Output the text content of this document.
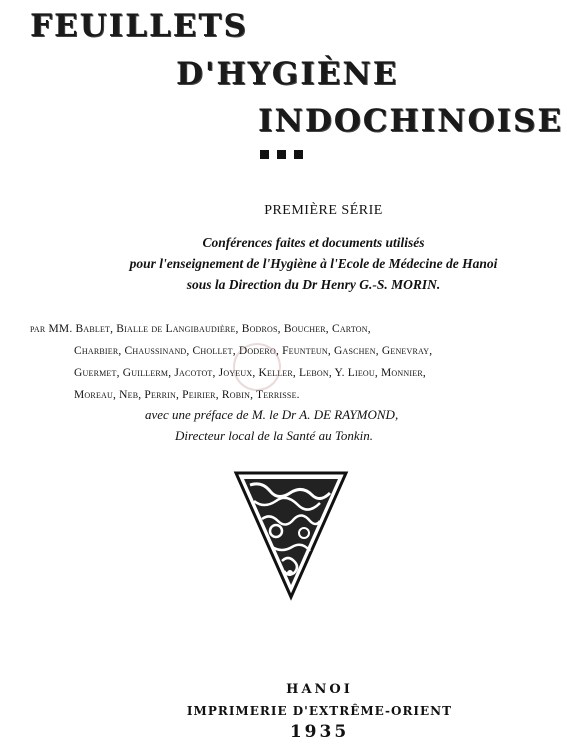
FEUILLETS
D'HYGIÈNE
INDOCHINOISE
PREMIÈRE SÉRIE
Conférences faites et documents utilisés
pour l'enseignement de l'Hygiène à l'Ecole de Médecine de Hanoi
sous la Direction du Dr Henry G.-S. MORIN.
par MM. Bablet, Bialle de Langibaudière, Bodros, Boucher, Carton,
Charbier, Chaussinand, Chollet, Dodero, Feunteun, Gaschen, Genevray,
Guermet, Guillerm, Jacotot, Joyeux, Keller, Lebon, Y. Lieou, Monnier,
Moreau, Neb, Perrin, Peirier, Robin, Terrisse.
avec une préface de M. le Dr A. DE RAYMOND,
Directeur local de la Santé au Tonkin.
HANOI
IMPRIMERIE D'EXTRÊME-ORIENT
1935
